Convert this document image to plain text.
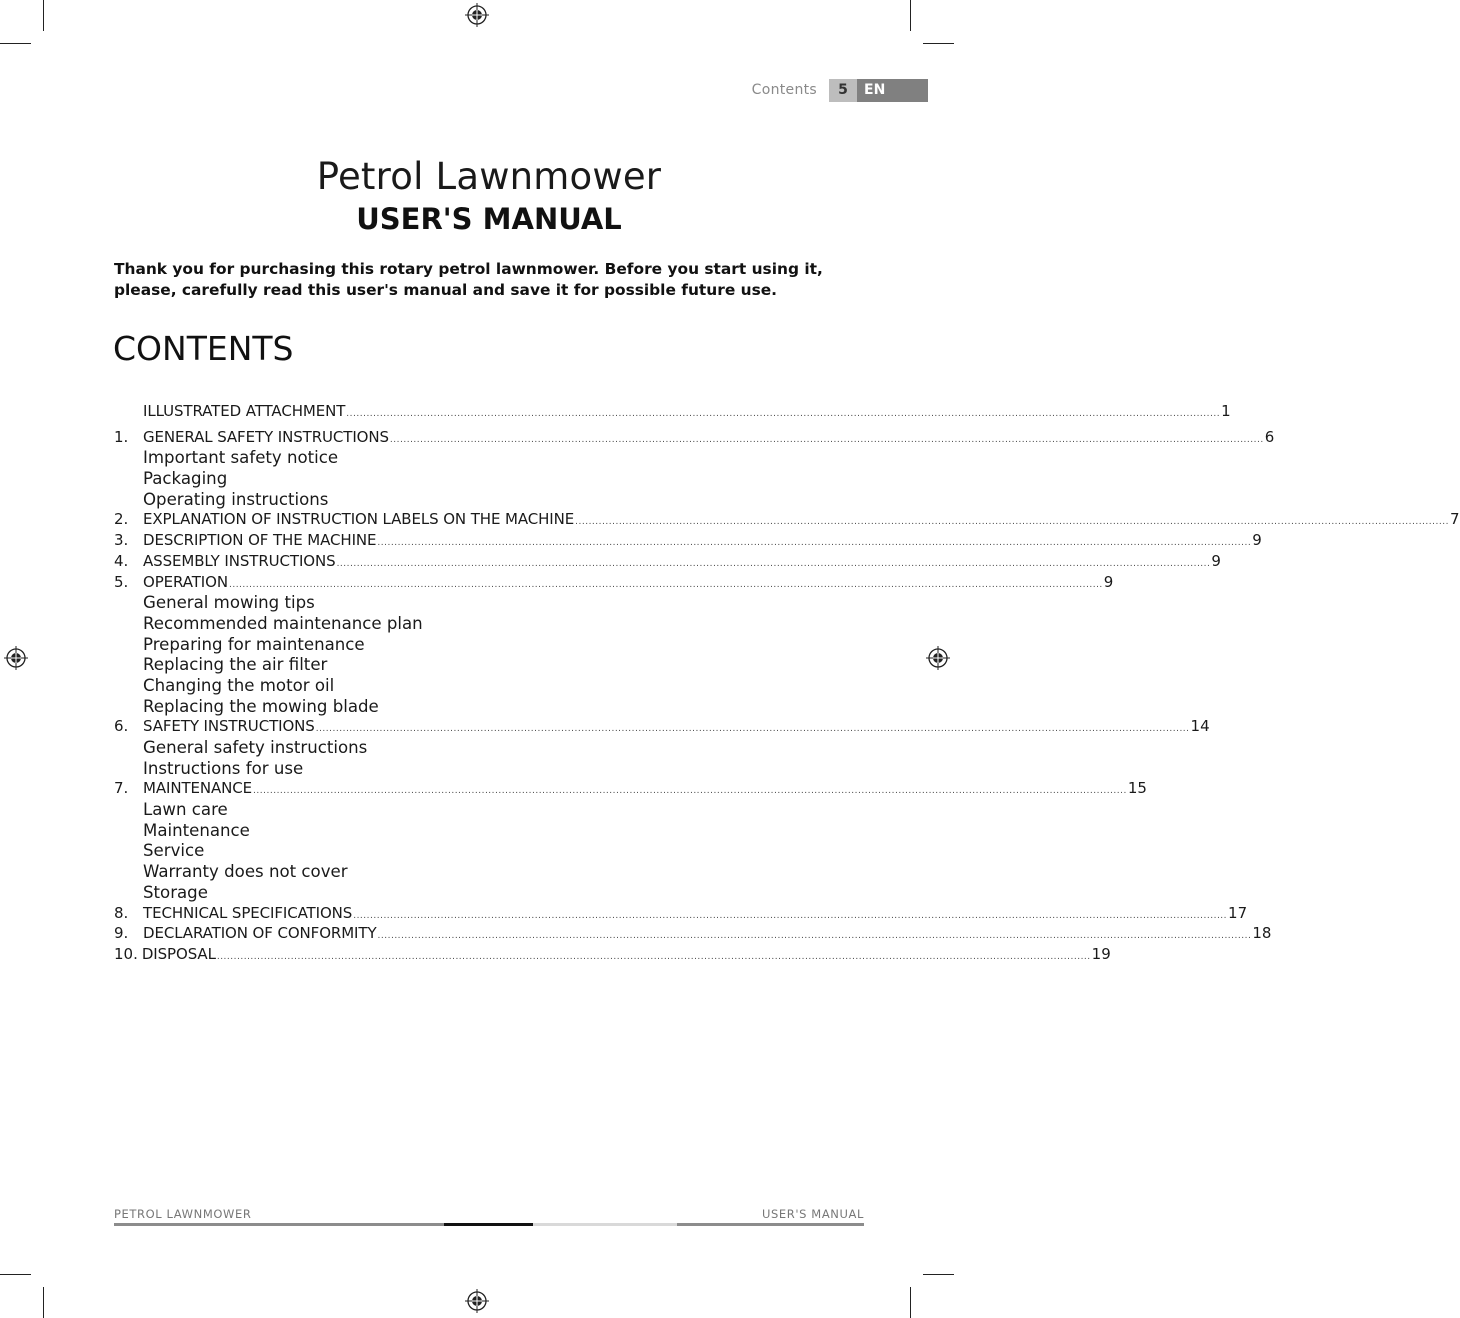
Contents	5	EN
Petrol Lawnmower
USER'S MANUAL
Thank you for purchasing this rotary petrol lawnmower. Before you start using it, please, carefully read this user's manual and save it for possible future use.
CONTENTS
ILLUSTRATED ATTACHMENT .................................................................................................................................................................................................................................................................... 1
1. GENERAL SAFETY INSTRUCTIONS .................................................................................................................................................................................................................................................................... 6
Important safety notice
Packaging
Operating instructions
2. EXPLANATION OF INSTRUCTION LABELS ON THE MACHINE .................................................................................................................................................................................................................................................................... 7
3. DESCRIPTION OF THE MACHINE .................................................................................................................................................................................................................................................................... 9
4. ASSEMBLY INSTRUCTIONS .................................................................................................................................................................................................................................................................... 9
5. OPERATION .................................................................................................................................................................................................................................................................... 9
General mowing tips
Recommended maintenance plan
Preparing for maintenance
Replacing the air filter
Changing the motor oil
Replacing the mowing blade
6. SAFETY INSTRUCTIONS .................................................................................................................................................................................................................................................................... 14
General safety instructions
Instructions for use
7. MAINTENANCE .................................................................................................................................................................................................................................................................... 15
Lawn care
Maintenance
Service
Warranty does not cover
Storage
8. TECHNICAL SPECIFICATIONS .................................................................................................................................................................................................................................................................... 17
9. DECLARATION OF CONFORMITY .................................................................................................................................................................................................................................................................... 18
10. DISPOSAL .................................................................................................................................................................................................................................................................... 19
PETROL LAWNMOWER	USER'S MANUAL
